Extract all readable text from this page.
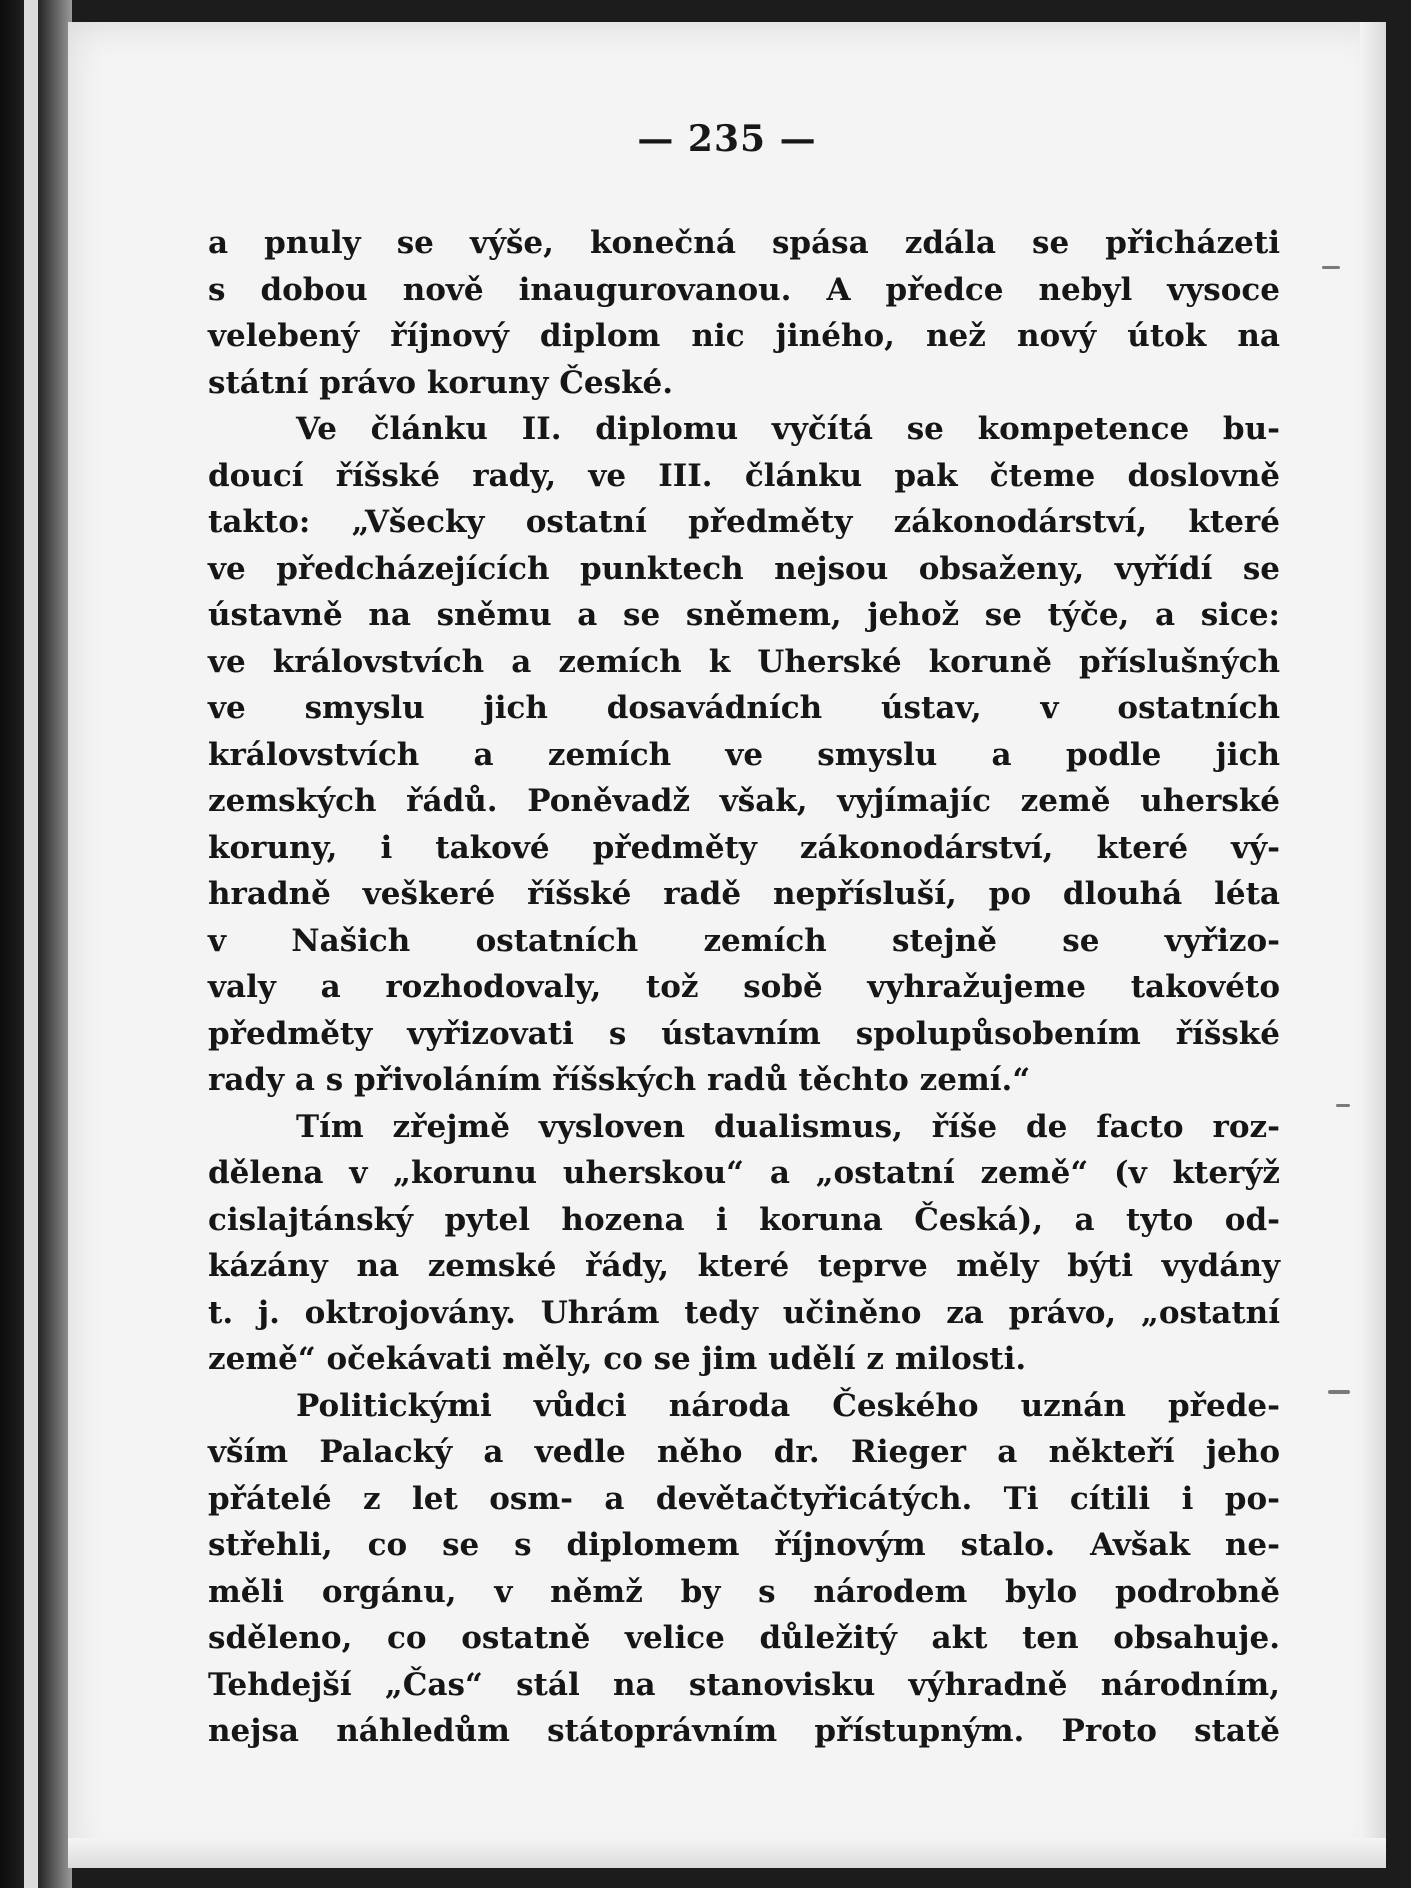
— 235 —
a pnuly se výše, konečná spása zdála se přicházeti
s dobou nově inaugurovanou. A předce nebyl vysoce
velebený říjnový diplom nic jiného, než nový útok na
státní právo koruny České.
Ve článku II. diplomu vyčítá se kompetence bu-
doucí říšské rady, ve III. článku pak čteme doslovně
takto: „Všecky ostatní předměty zákonodárství, které
ve předcházejících punktech nejsou obsaženy, vyřídí se
ústavně na sněmu a se sněmem, jehož se týče, a sice:
ve královstvích a zemích k Uherské koruně příslušných
ve smyslu jich dosavádních ústav, v ostatních
královstvích a zemích ve smyslu a podle jich
zemských řádů. Poněvadž však, vyjímajíc země uherské
koruny, i takové předměty zákonodárství, které vý-
hradně veškeré říšské radě nepřísluší, po dlouhá léta
v Našich ostatních zemích stejně se vyřizo-
valy a rozhodovaly, tož sobě vyhražujeme takovéto
předměty vyřizovati s ústavním spolupůsobením říšské
rady a s přivoláním říšských radů těchto zemí.“
Tím zřejmě vysloven dualismus, říše de facto roz-
dělena v „korunu uherskou“ a „ostatní země“ (v kterýž
cislajtánský pytel hozena i koruna Česká), a tyto od-
kázány na zemské řády, které teprve měly býti vydány
t. j. oktrojovány. Uhrám tedy učiněno za právo, „ostatní
země“ očekávati měly, co se jim udělí z milosti.
Politickými vůdci národa Českého uznán přede-
vším Palacký a vedle něho dr. Rieger a někteří jeho
přátelé z let osm- a devětačtyřicátých. Ti cítili i po-
střehli, co se s diplomem říjnovým stalo. Avšak ne-
měli orgánu, v němž by s národem bylo podrobně
sděleno, co ostatně velice důležitý akt ten obsahuje.
Tehdejší „Čas“ stál na stanovisku výhradně národním,
nejsa náhledům státoprávním přístupným. Proto statě
